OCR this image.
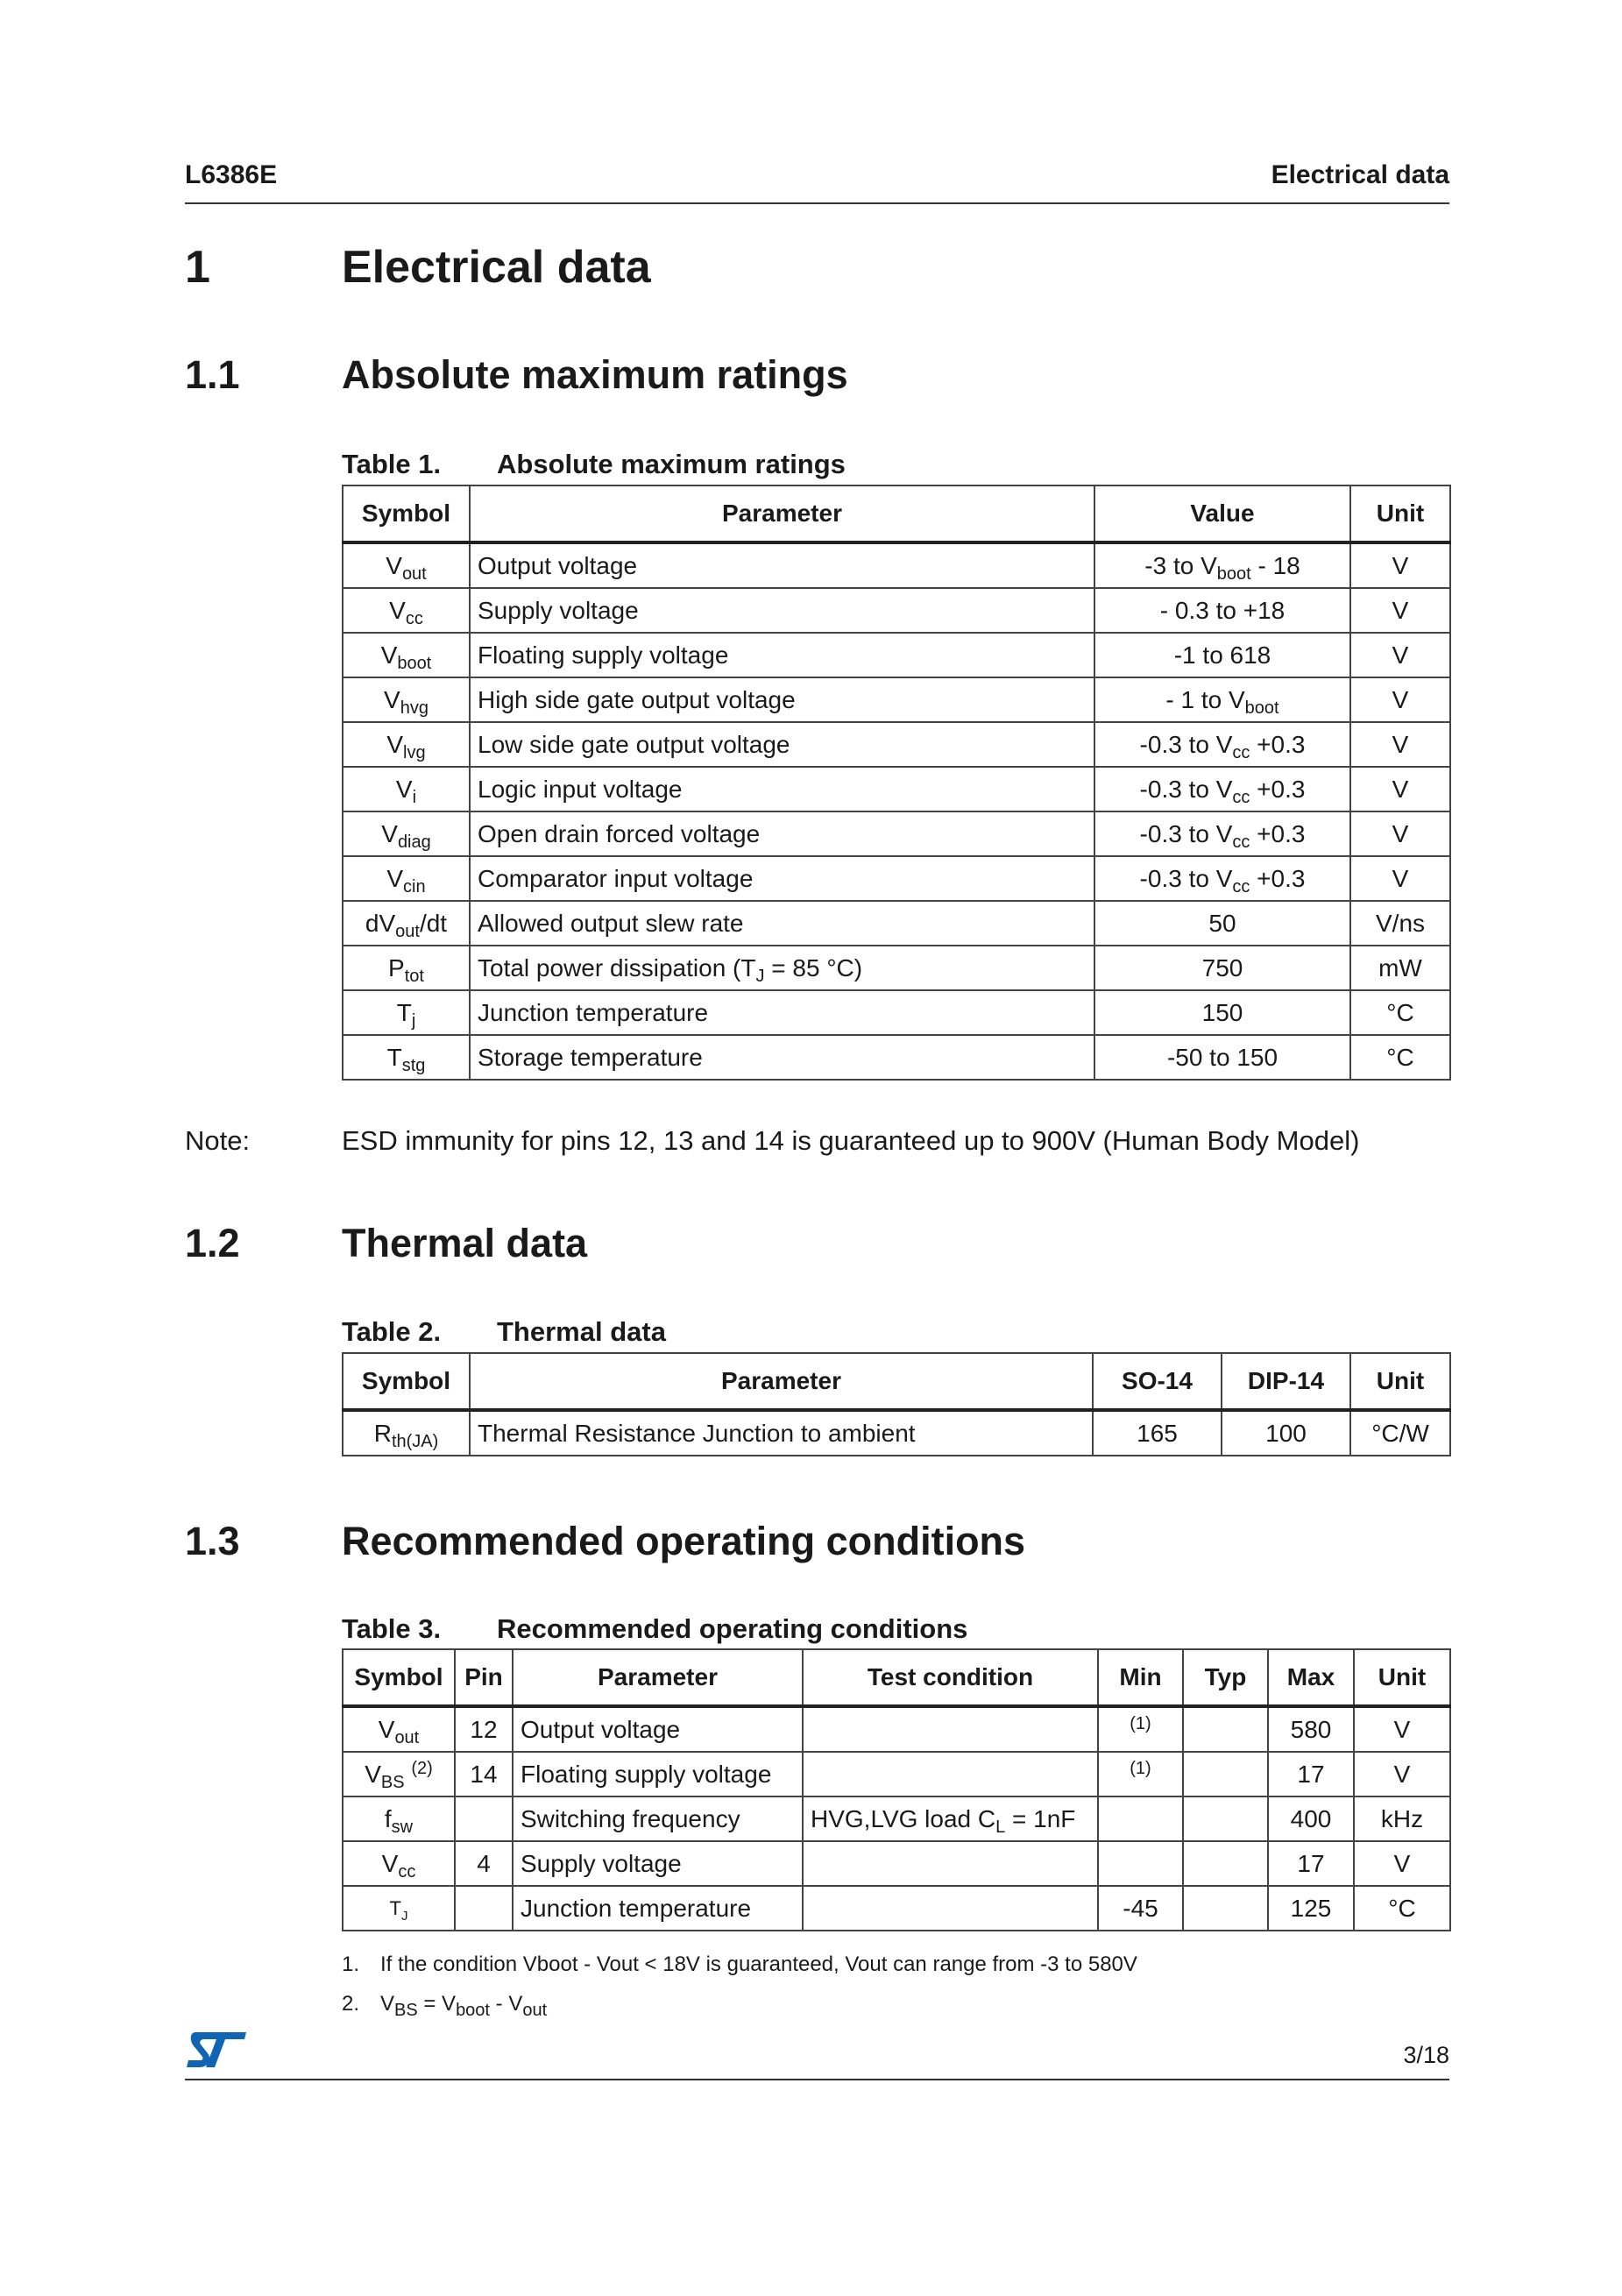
L6386E	Electrical data
1	Electrical data
1.1	Absolute maximum ratings
Table 1. Absolute maximum ratings
Symbol	Parameter	Value	Unit
$V_{out}$	Output voltage	-3 to $V_{boot} - 18$	V
$V_{cc}$	Supply voltage	- 0.3 to +18	V
$V_{boot}$	Floating supply voltage	-1 to 618	V
$V_{hvg}$	High side gate output voltage	- 1 to $V_{boot}$	V
$V_{lvg}$	Low side gate output voltage	-0.3 to $V_{cc} +0.3$	V
$V_i$	Logic input voltage	-0.3 to $V_{cc} +0.3$	V
$V_{diag}$	Open drain forced voltage	-0.3 to $V_{cc} +0.3$	V
$V_{cin}$	Comparator input voltage	-0.3 to $V_{cc} +0.3$	V
$dV_{out}/dt$	Allowed output slew rate	50	V/ns
$P_{tot}$	Total power dissipation ($T_J = 85$ °C)	750	mW
$T_j$	Junction temperature	150	°C
$T_{stg}$	Storage temperature	-50 to 150	°C
Note:	ESD immunity for pins 12, 13 and 14 is guaranteed up to 900V (Human Body Model)
1.2	Thermal data
Table 2. Thermal data
Symbol	Parameter	SO-14	DIP-14	Unit
$R_{th(JA)}$	Thermal Resistance Junction to ambient	165	100	°C/W
1.3	Recommended operating conditions
Table 3. Recommended operating conditions
Symbol	Pin	Parameter	Test condition	Min	Typ	Max	Unit
$V_{out}$	12	Output voltage		$^{(1)}$		580	V
$V_{BS}$ $^{(2)}$	14	Floating supply voltage		$^{(1)}$		17	V
$f_{sw}$		Switching frequency	HVG,LVG load $C_L = 1nF$			400	kHz
$V_{cc}$	4	Supply voltage				17	V
$T_J$		Junction temperature		-45		125	°C
1. If the condition Vboot - Vout < 18V is guaranteed, Vout can range from -3 to 580V
2. $V_{BS} = V_{boot} - V_{out}$
3/18
